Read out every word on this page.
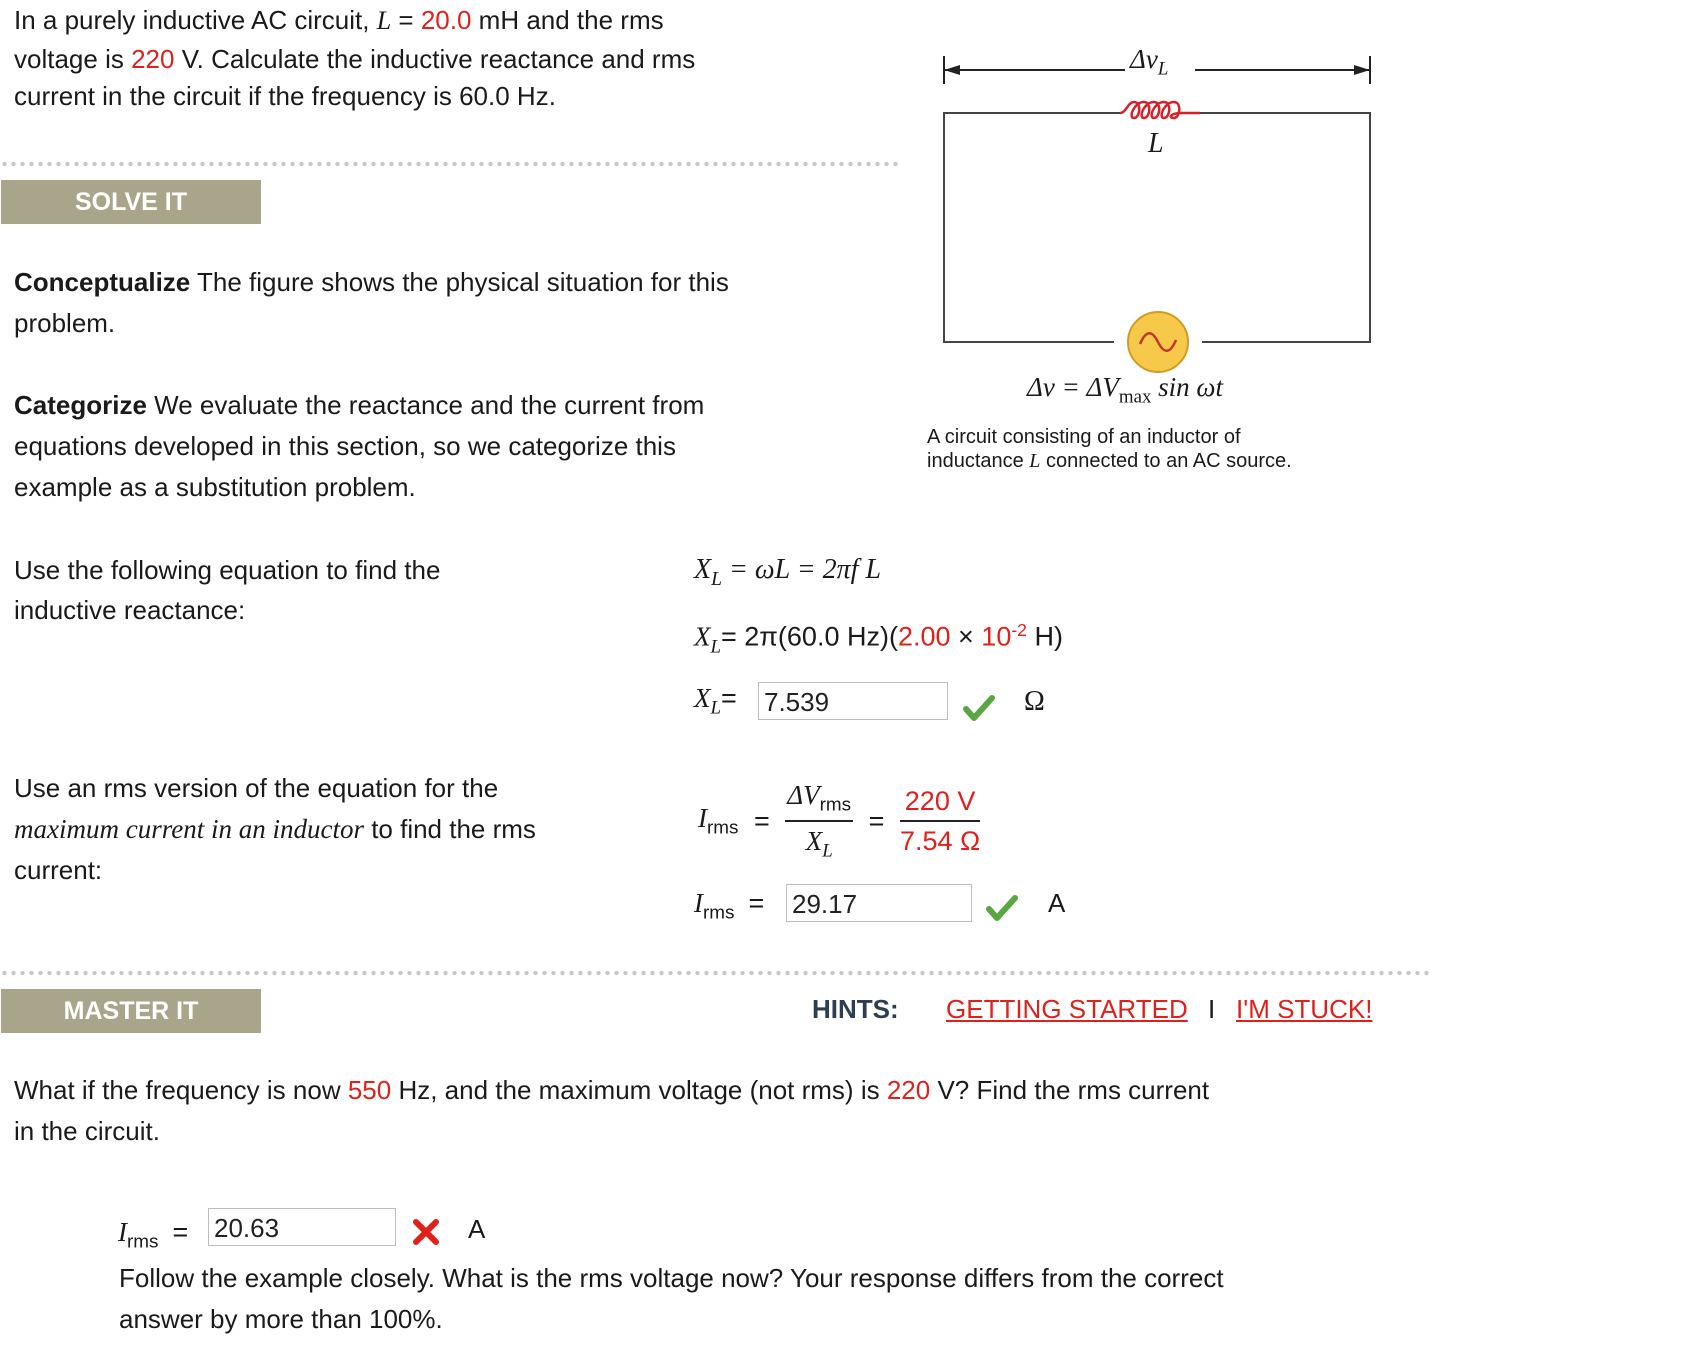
In a purely inductive AC circuit, L = 20.0 mH and the rms
voltage is 220 V. Calculate the inductive reactance and rms
current in the circuit if the frequency is 60.0 Hz.
SOLVE IT
Conceptualize The figure shows the physical situation for this
problem.
Categorize We evaluate the reactance and the current from
equations developed in this section, so we categorize this
example as a substitution problem.
$\Delta v_L$
L
$\Delta v = \Delta V_{max}$ sin ωt
A circuit consisting of an inductor of
inductance L connected to an AC source.
Use the following equation to find the
inductive reactance:
$X_L = \omega L = 2\pi f$ L
$X_L= 2\pi(60.0$ $Hz)(2.00 \times 10^{-2}$ H)
$X_L= 7.539$	Ω
Use an rms version of the equation for the
maximum current in an inductor to find the rms
current:
$I_{rms} = \frac{\Delta V_{rms}}{X_L} = \frac{220 V}{7.54 \Omega}$
$I_{rms} = 29.17$	A
MASTER IT	HINTS: GETTING STARTED I I'M STUCK!
What if the frequency is now 550 Hz, and the maximum voltage (not rms) is 220 V? Find the rms current
in the circuit.
$I_{rms} = 20.63$	A
Follow the example closely. What is the rms voltage now? Your response differs from the correct
answer by more than 100%.
